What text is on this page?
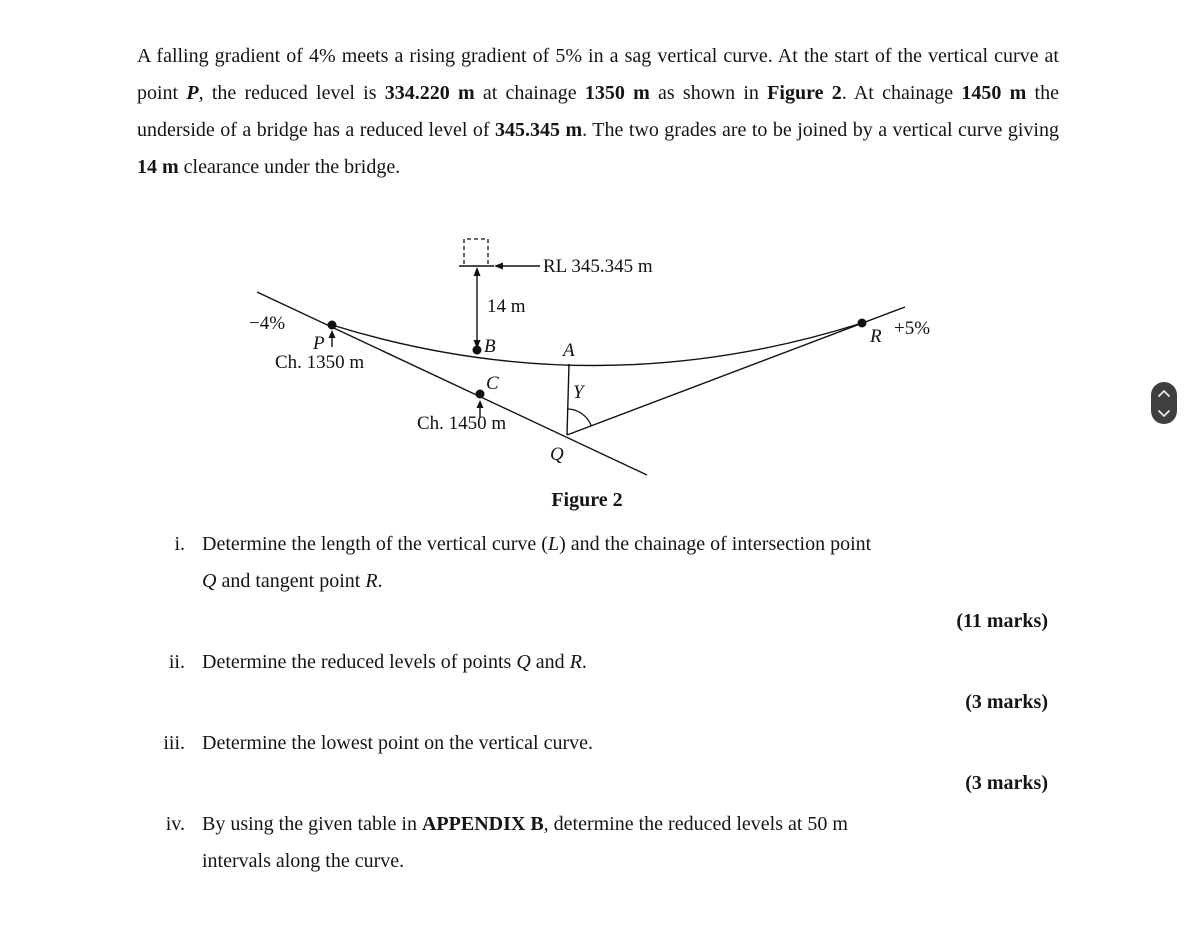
A falling gradient of 4% meets a rising gradient of 5% in a sag vertical curve. At the start of the vertical curve at point P, the reduced level is 334.220 m at chainage 1350 m as shown in Figure 2. At chainage 1450 m the underside of a bridge has a reduced level of 345.345 m. The two grades are to be joined by a vertical curve giving 14 m clearance under the bridge.

RL 345.345 m
14 m
−4%
P
Ch. 1350 m
B	A
C	Y
Ch. 1450 m
Q
R +5%
Figure 2
i. Determine the length of the vertical curve (L) and the chainage of intersection point
Q and tangent point R.

(11 marks)
ii. Determine the reduced levels of points Q and R.

(3 marks)
iii. Determine the lowest point on the vertical curve.

(3 marks)
iv. By using the given table in APPENDIX B, determine the reduced levels at 50 m
intervals along the curve.
